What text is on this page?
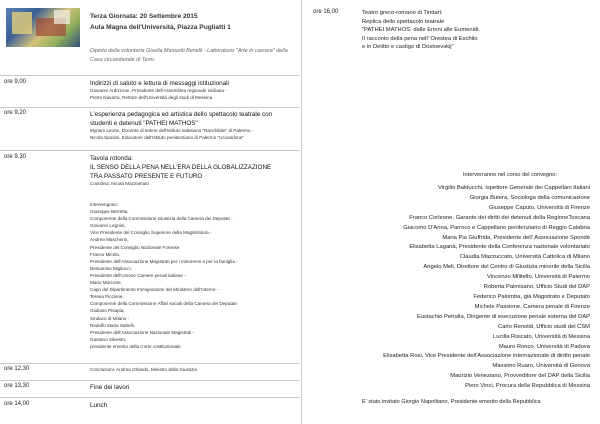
Terza Giornata: 20 Settembre 2015
Aula Magna dell'Università, Piazza Pugliatti 1
Dipinto della volontaria Gisella Manuetti Benelli - Laboratorio "Arte in carcere" della Casa circondariale di Terni.
ore 9,00	Indirizzi di saluto e lettura di messaggi istituzionali
Giovanni Ardizzone, Presidente dell'Assemblea regionale siciliana -
Pietro Navarra, Rettore dell'Università degli studi di Messina
ore 9,20	L'esperienza pedagogica ed artistica dello spettacolo teatrale con
studenti e detenuti "PATHEI MATHOS"
Myriam Leone, Docente di lettere dell'Istituto salesiano "Ranchibile" di Palermo -
Nicola Sposito, Educatore dell'Istituto penitenziario di Palermo "Ucciardone"
ore 9,30	Tavola rotonda:
IL SENSO DELLA PENA NELL'ERA DELLA GLOBALIZZAZIONE
TRA PASSATO PRESENTE E FUTURO
Coordina: Nicola Mazzamuto
Intervengono:
Giuseppe Berretta,
Componente della Commissione Giustizia della Camera dei Deputati -
Giovanni Legnini,
Vice Presidente del Consiglio Superiore della Magistratura -
Andrea Mascherin,
Presidente del Consiglio Nazionale Forense
Franco Micela,
Presidente dell'Associazione Magistrati per i minorenni e per la famiglia -
Beniamino Migliucci,
Presidente dell'Unione Camere penali italiane -
Mario Morcone,
Capo del Dipartimento Immigrazione del Ministero dell'Interno -
Teresa Piccione,
Componente della Commissione Affari sociali della Camera dei Deputati-
Giuliano Pisapia,
Sindaco di Milano -
Rodolfo Maria Sabelli,
Presidente dell'Associazione Nazionale Magistrati -
Gaetano Silvestri,
presidente emerito della Corte costituzionale
ore 12,30	Conclusioni: Andrea Orlando, Ministro della Giustizia
ore 13,30	Fine dei lavori
ore 14,00	Lunch
ore 16,00	Teatro greco-romano di Tindari:
Replica dello spettacolo teatrale
"PATHEI MATHOS: dalle Erinni alle Eumenidi.
Il racconto della pena nell' Orestea di Eschilo
e in Delitto e castigo di Dostoevskij"
Interverranno nel corso del convegno:
Virgilio Balducchi, Ispettore Generale dei Cappellani Italiani
Giorgia Butera, Sociologa della comunicazione
Giuseppe Caputo, Università di Firenze
Franco Corleone, Garante dei diritti dei detenuti della RegioneToscana
Giacomo D'Anna, Parroco e Cappellano penitenziario di Reggio Calabria
Maria Pia Giuffrida, Presidente dell' Associazione Spondè
Elisabetta Laganà, Presidente della Conferenza nazionale volontariato
Claudia Mazzuccato, Università Cattolica di Milano
Angelo Meli, Direttore del Centro di Giustizia minorile della Sicilia
Vincenzo Militello, Università di Palermo
Roberta Palmisano, Ufficio Studi del DAP
Federico Palomba, già Magistrato e Deputato
Michele Passione, Camera penale di Firenze
Eustachio Petralla, Dirigente di esecuzione penale esterna del DAP
Carlo Renoldi, Ufficio studi del CSM
Lucilla Risicato, Università di Messina
Mauro Ronco, Università di Padova
Elisabetta Rosi, Vice Presidente dell'Associazione internazionale di diritto penale
Massimo Ruaro, Università di Genova
Maurizio Veneziano, Provveditore del DAP della Sicilia
Piero Vinci, Procura della Repubblica di Messina
E' stato invitato Giorgio Napolitano, Presidente emerito della Repubblica
